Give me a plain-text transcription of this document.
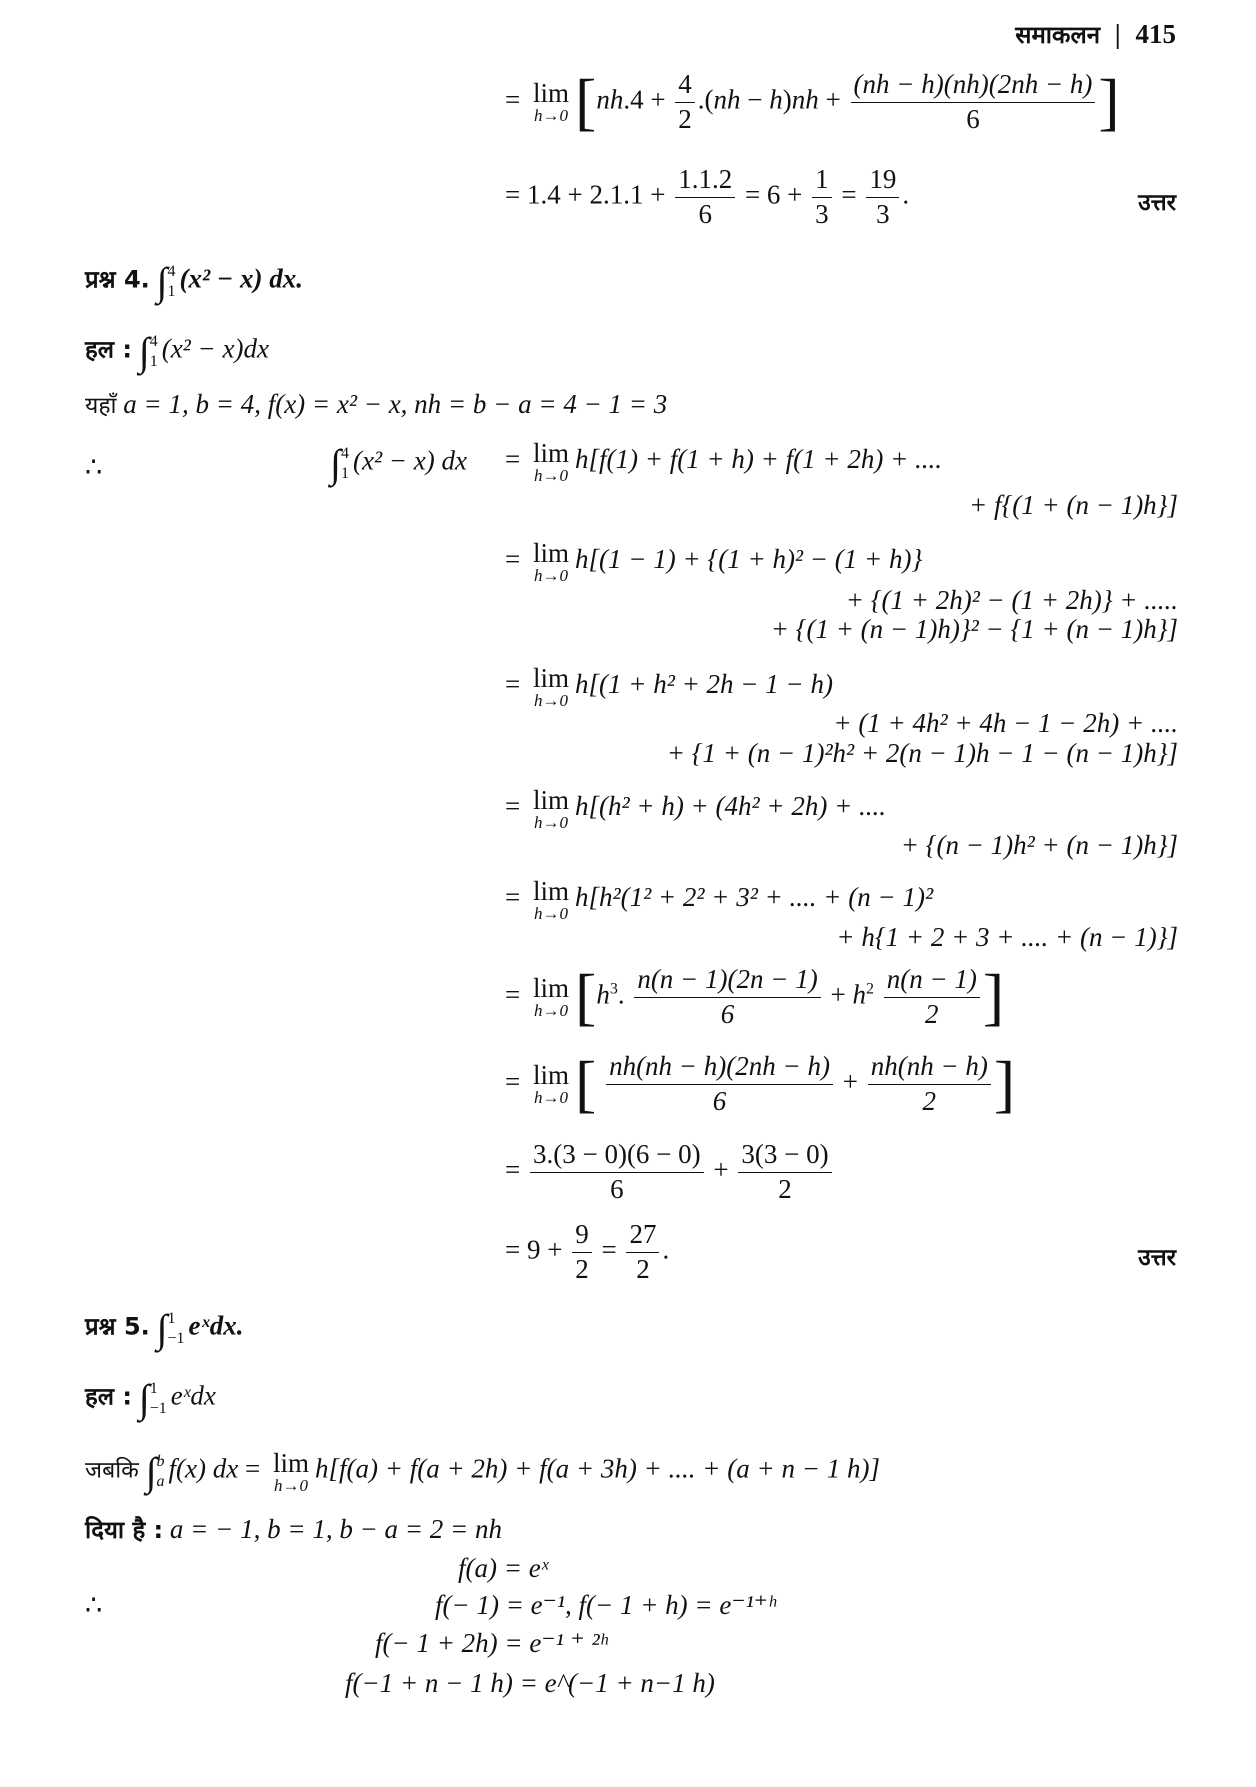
समाकलन | 415
= lim
h→0 [$nh.4 + \frac{4}{2} .(nh - h)nh + \frac{(nh - h)(nh)(2nh - h)}{6}$ ]
= $1.4 + 2.1.1 + \frac{1.1.2}{6} = 6 + \frac{1}{3} = \frac{19}{3}$ .	उत्तर
प्रश्न 4. ∫ 4
1 (x² − x) dx.
हल : ∫ 4
1 (x² − x)dx
यहाँ a = 1, b = 4, f(x) = x² − x, nh = b − a = 4 − 1 = 3
∴	∫ 4
1 (x² − x) dx = lim
h→0
h[f(1) + f(1 + h) + f(1 + 2h) + ....
+ f{(1 + (n − 1)h}]
= lim
h→0
h[(1 − 1) + {(1 + h)² − (1 + h)}
+ {(1 + 2h)² − (1 + 2h)} + .....
+ {(1 + (n − 1)h)}² − {1 + (n − 1)h}]
= lim
h→0
h[(1 + h² + 2h − 1 − h)
+ (1 + 4h² + 4h − 1 − 2h) + ....
+ {1 + (n − 1)²h² + 2(n − 1)h − 1 − (n − 1)h}]
= lim
h→0
h[(h² + h) + (4h² + 2h) + ....
+ {(n − 1)h² + (n − 1)h}]
= lim
h→0
h[h²(1² + 2² + 3² + .... + (n − 1)²
+ h{1 + 2 + 3 + .... + (n − 1)}]
= lim
h→0 [$h^3$. $\frac{n(n - 1)(2n - 1)}{6} + h^2 \frac{n(n - 1)}{2}$ ]
= lim
h→0 [ $\frac{nh(nh - h)(2nh - h)}{6} + \frac{nh(nh - h)}{2}$ ]
= $\frac{3.(3 - 0)(6 - 0)}{6} + \frac{3(3 - 0)}{2}$
= $9 + \frac{9}{2} = \frac{27}{2}$ .	उत्तर
प्रश्न 5. ∫ 1
−1 eˣdx.
हल : ∫ 1
−1 eˣdx
जबकि ∫ b
a f(x) dx = lim
h→0
h[f(a) + f(a + 2h) + f(a + 3h) + .... + (a + n − 1 h)]
दिया है : a = − 1, b = 1, b − a = 2 = nh
f(a) = eˣ
∴	f(− 1) = e⁻¹, f(− 1 + h) = e⁻¹⁺ʰ
f(− 1 + 2h) = e⁻¹ ⁺ ²ʰ
f(−1 + n − 1 h) = e^(−1 + n−1 h)
